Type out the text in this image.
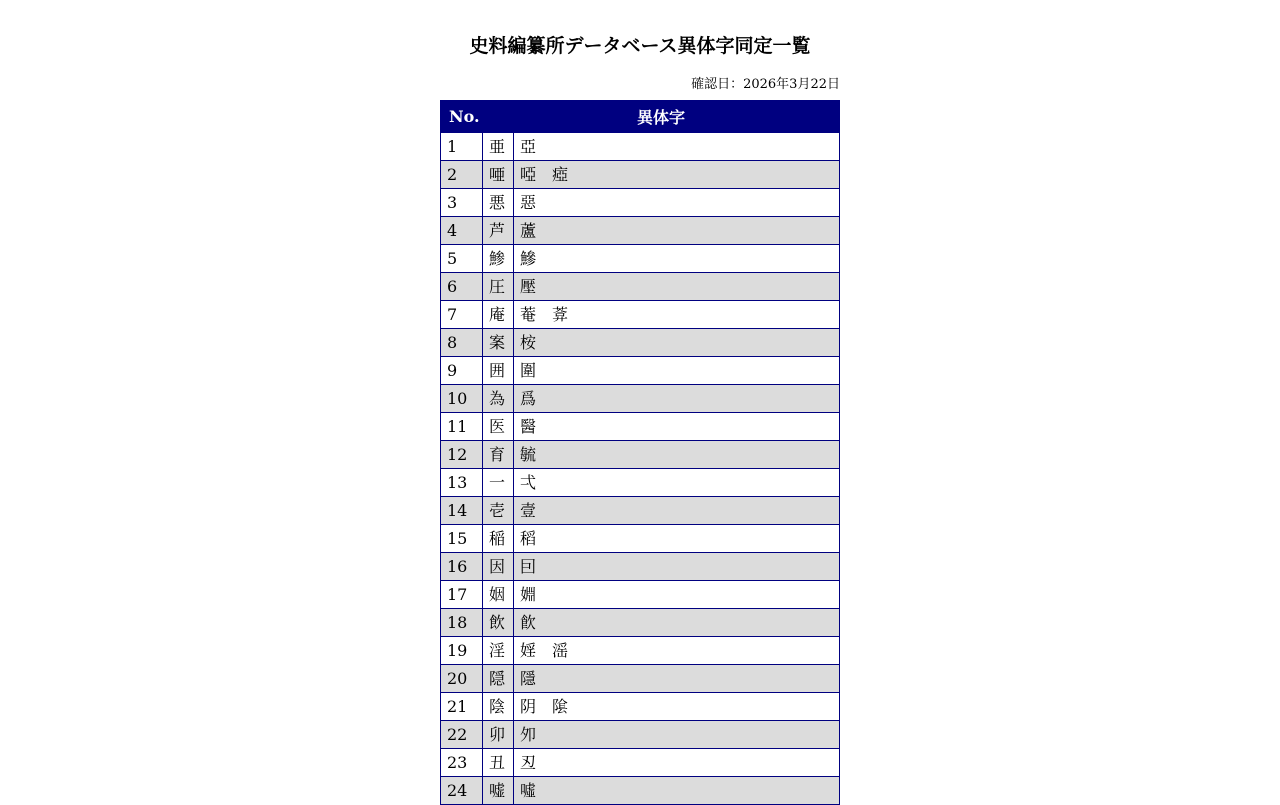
史料編纂所データベース異体字同定一覧
確認日：2026年3月22日
No.	異体字	
1	亜	亞
2	唖	啞 瘂
3	悪	惡
4	芦	蘆
5	鯵	鰺
6	圧	壓
7	庵	菴 葊
8	案	桉
9	囲	圍
10	為	爲
11	医	醫
12	育	毓
13	一	弌
14	壱	壹
15	稲	稻
16	因	囙
17	姻	婣
18	飲	飮
19	淫	婬 滛
20	隠	隱
21	陰	阴 隂
22	卯	夘
23	丑	丒
24	嘘	噓
